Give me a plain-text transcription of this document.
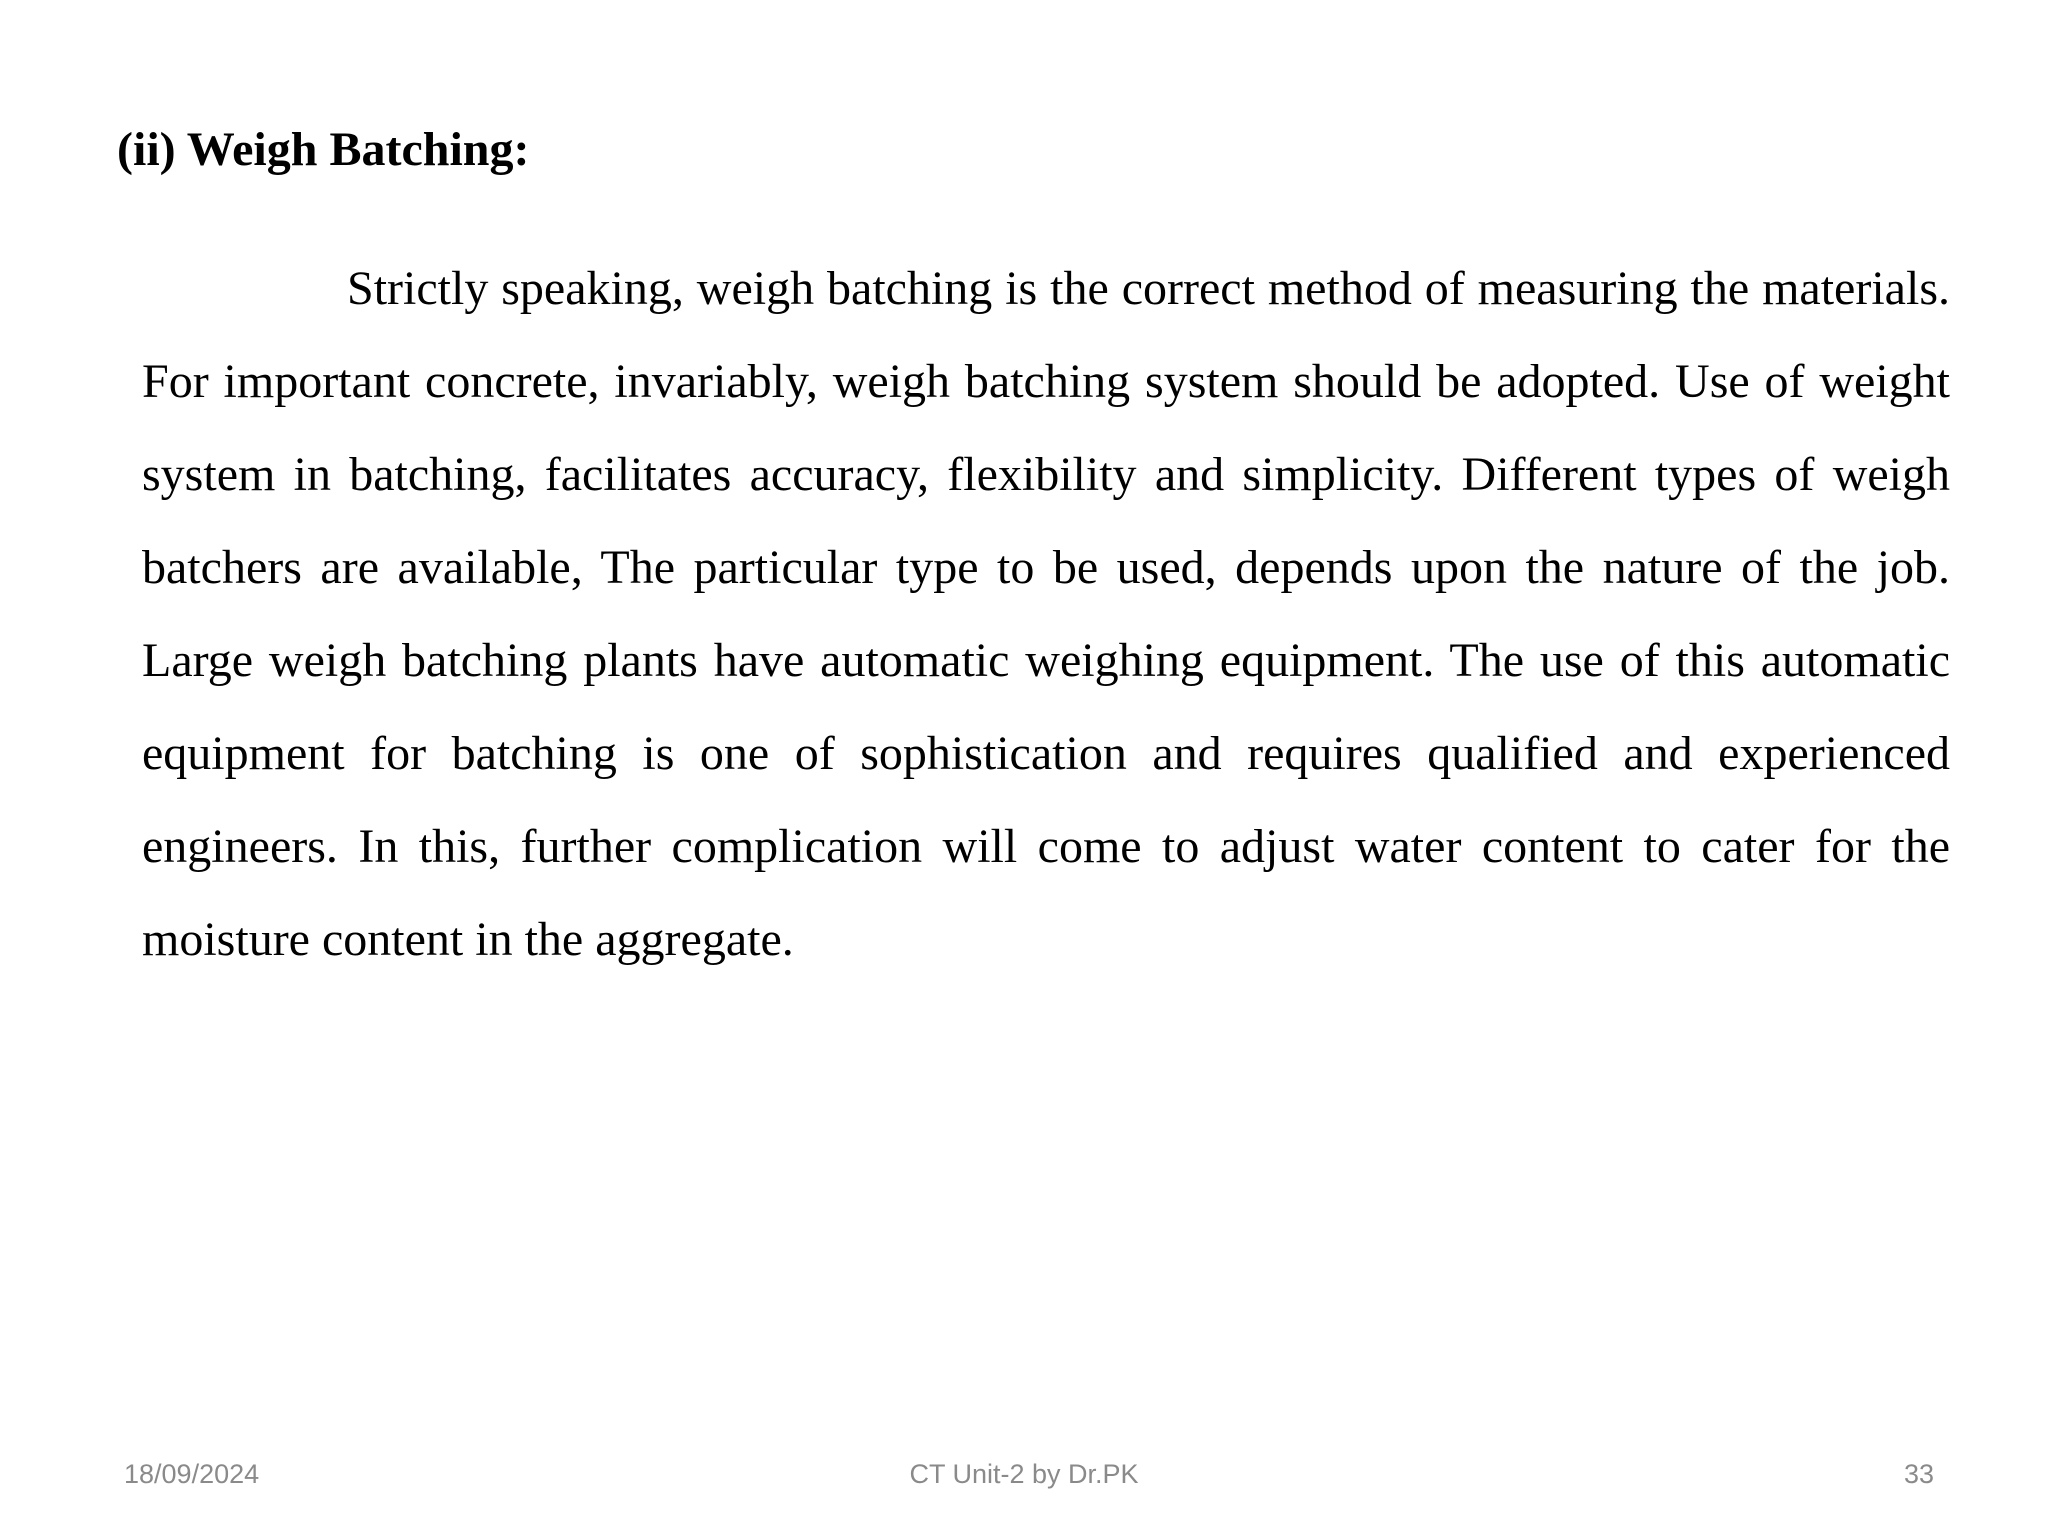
(ii) Weigh Batching:

Strictly speaking, weigh batching is the correct method of measuring the materials. For important concrete, invariably, weigh batching system should be adopted. Use of weight system in batching, facilitates accuracy, flexibility and simplicity. Different types of weigh batchers are available, The particular type to be used, depends upon the nature of the job. Large weigh batching plants have automatic weighing equipment. The use of this automatic equipment for batching is one of sophistication and requires qualified and experienced engineers. In this, further complication will come to adjust water content to cater for the moisture content in the aggregate.

18/09/2024	CT Unit-2 by Dr.PK	33
